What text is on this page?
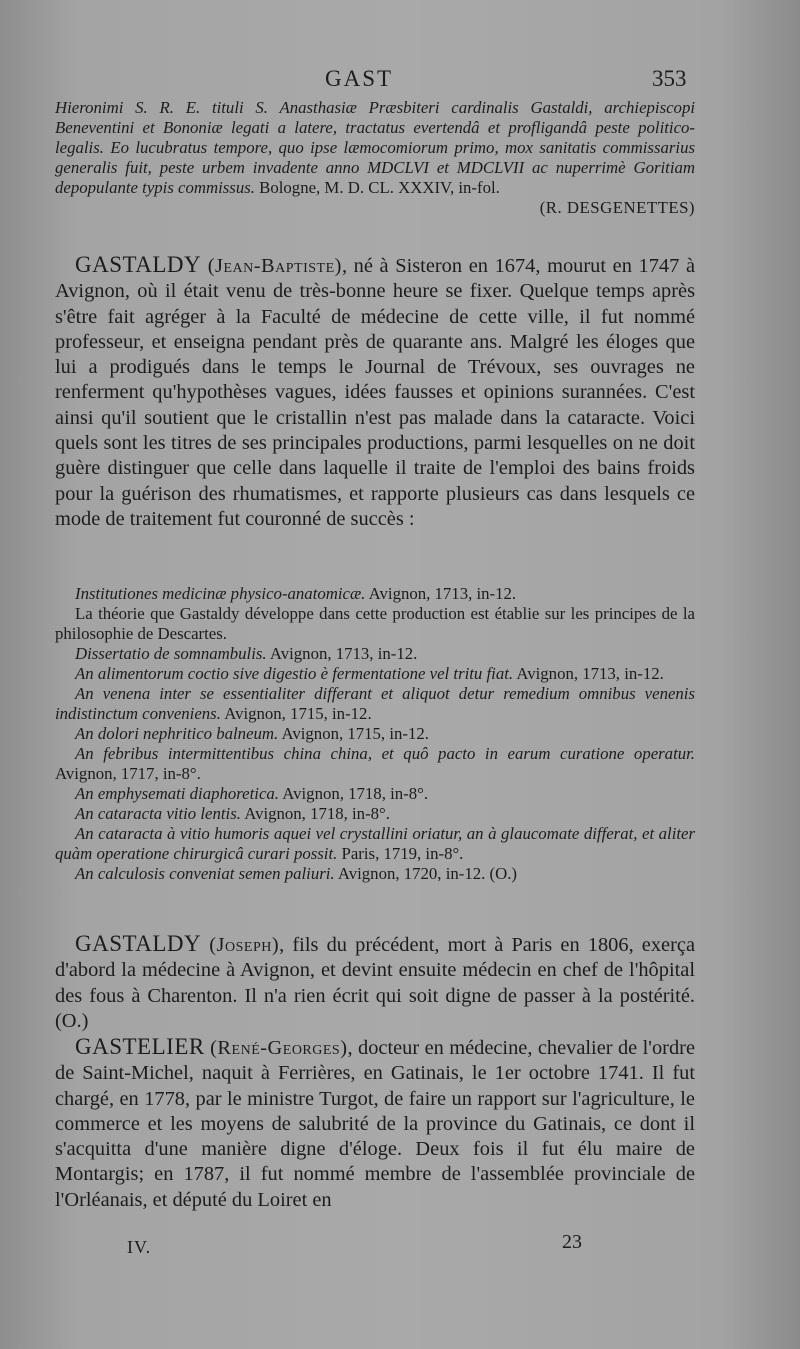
GAST	353

Hieronimi S. R. E. tituli S. Anasthasiæ Præsbiteri cardinalis Gastaldi, archiepiscopi Beneventini et Bononiæ legati a latere, tractatus evertendâ et profligandâ peste politico-legalis. Eo lucubratus tempore, quo ipse læmocomiorum primo, mox sanitatis commissarius generalis fuit, peste urbem invadente anno MDCLVI et MDCLVII ac nuperrimè Goritiam depopulante typis commissus. Bologne, M. D. CL. XXXIV, in-fol.
(R. DESGENETTES)

GASTALDY (Jean-Baptiste), né à Sisteron en 1674, mourut en 1747 à Avignon, où il était venu de très-bonne heure se fixer. Quelque temps après s'être fait agréger à la Faculté de médecine de cette ville, il fut nommé professeur, et enseigna pendant près de quarante ans. Malgré les éloges que lui a prodigués dans le temps le Journal de Trévoux, ses ouvrages ne renferment qu'hypothèses vagues, idées fausses et opinions surannées. C'est ainsi qu'il soutient que le cristallin n'est pas malade dans la cataracte. Voici quels sont les titres de ses principales productions, parmi lesquelles on ne doit guère distinguer que celle dans laquelle il traite de l'emploi des bains froids pour la guérison des rhumatismes, et rapporte plusieurs cas dans lesquels ce mode de traitement fut couronné de succès :

Institutiones medicinæ physico-anatomicæ. Avignon, 1713, in-12.

La théorie que Gastaldy développe dans cette production est établie sur les principes de la philosophie de Descartes.

Dissertatio de somnambulis. Avignon, 1713, in-12.

An alimentorum coctio sive digestio è fermentatione vel tritu fiat. Avignon, 1713, in-12.

An venena inter se essentialiter differant et aliquot detur remedium omnibus venenis indistinctum conveniens. Avignon, 1715, in-12.

An dolori nephritico balneum. Avignon, 1715, in-12.

An febribus intermittentibus china china, et quô pacto in earum curatione operatur. Avignon, 1717, in-8°.

An emphysemati diaphoretica. Avignon, 1718, in-8°.

An cataracta vitio lentis. Avignon, 1718, in-8°.

An cataracta à vitio humoris aquei vel crystallini oriatur, an à glaucomate differat, et aliter quàm operatione chirurgicâ curari possit. Paris, 1719, in-8°.

An calculosis conveniat semen paliuri. Avignon, 1720, in-12. (O.)

GASTALDY (Joseph), fils du précédent, mort à Paris en 1806, exerça d'abord la médecine à Avignon, et devint ensuite médecin en chef de l'hôpital des fous à Charenton. Il n'a rien écrit qui soit digne de passer à la postérité. (O.)

GASTELIER (René-Georges), docteur en médecine, chevalier de l'ordre de Saint-Michel, naquit à Ferrières, en Gatinais, le 1er octobre 1741. Il fut chargé, en 1778, par le ministre Turgot, de faire un rapport sur l'agriculture, le commerce et les moyens de salubrité de la province du Gatinais, ce dont il s'acquitta d'une manière digne d'éloge. Deux fois il fut élu maire de Montargis; en 1787, il fut nommé membre de l'assemblée provinciale de l'Orléanais, et député du Loiret en

IV.	23
